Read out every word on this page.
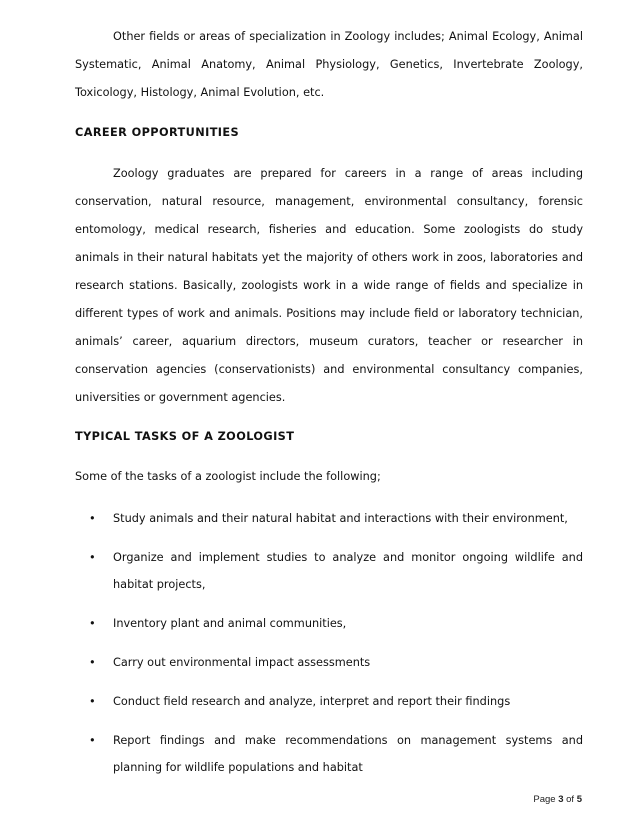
Other fields or areas of specialization in Zoology includes; Animal Ecology, Animal Systematic, Animal Anatomy, Animal Physiology, Genetics, Invertebrate Zoology, Toxicology, Histology, Animal Evolution, etc.

CAREER OPPORTUNITIES

Zoology graduates are prepared for careers in a range of areas including conservation, natural resource, management, environmental consultancy, forensic entomology, medical research, fisheries and education. Some zoologists do study animals in their natural habitats yet the majority of others work in zoos, laboratories and research stations. Basically, zoologists work in a wide range of fields and specialize in different types of work and animals. Positions may include field or laboratory technician, animals’ career, aquarium directors, museum curators, teacher or researcher in conservation agencies (conservationists) and environmental consultancy companies, universities or government agencies.

TYPICAL TASKS OF A ZOOLOGIST

Some of the tasks of a zoologist include the following;

• Study animals and their natural habitat and interactions with their environment,
• Organize and implement studies to analyze and monitor ongoing wildlife and habitat projects,
• Inventory plant and animal communities,
• Carry out environmental impact assessments
• Conduct field research and analyze, interpret and report their findings
• Report findings and make recommendations on management systems and planning for wildlife populations and habitat
Page 3 of 5
